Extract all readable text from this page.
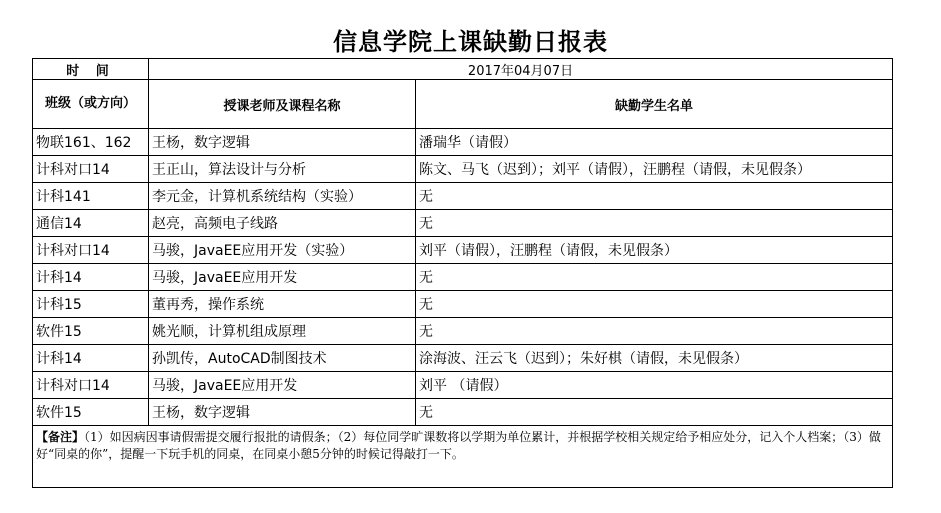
信息学院上课缺勤日报表
时 间	2017年04月07日	
班级（或方向）	授课老师及课程名称	缺勤学生名单
物联161、162	王杨，数字逻辑	潘瑞华（请假）
计科对口14	王正山，算法设计与分析	陈文、马飞（迟到）；刘平（请假），汪鹏程（请假，未见假条）
计科141	李元金，计算机系统结构（实验）	无
通信14	赵亮，高频电子线路	无
计科对口14	马骏，JavaEE应用开发（实验）	刘平（请假），汪鹏程（请假，未见假条）
计科14	马骏，JavaEE应用开发	无
计科15	董再秀，操作系统	无
软件15	姚光顺，计算机组成原理	无
计科14	孙凯传，AutoCAD制图技术	涂海波、汪云飞（迟到）；朱好棋（请假，未见假条）
计科对口14	马骏，JavaEE应用开发	刘平 （请假）
软件15	王杨，数字逻辑	无
【备注】（1）如因病因事请假需提交履行报批的请假条；（2）每位同学旷课数将以学期为单位累计，并根据学校相关规定给予相应处分，记入个人档案；（3）做好“同桌的你”，提醒一下玩手机的同桌，在同桌小憩5分钟的时候记得敲打一下。		
